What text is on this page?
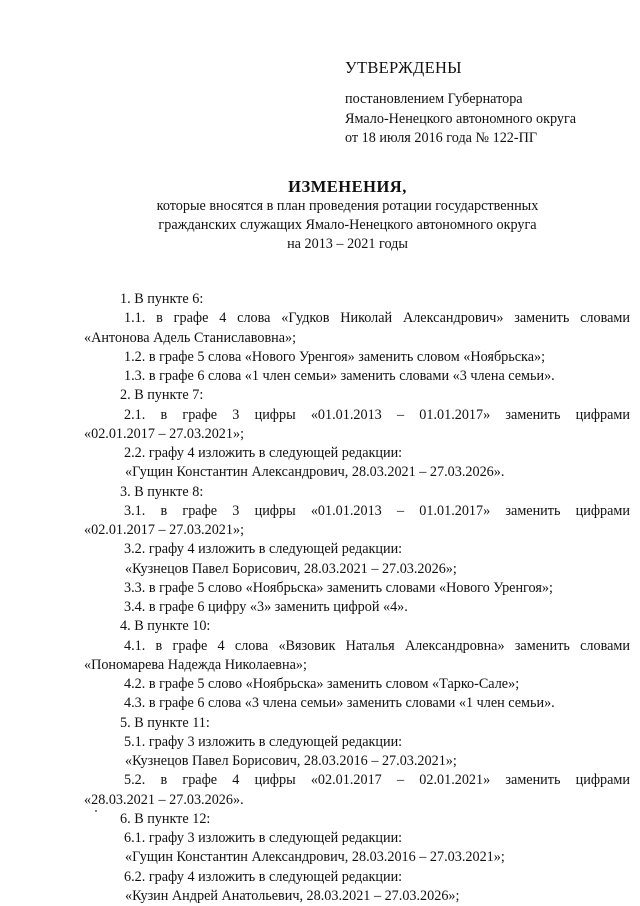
УТВЕРЖДЕНЫ
постановлением Губернатора
Ямало-Ненецкого автономного округа
от 18 июля 2016 года № 122-ПГ
ИЗМЕНЕНИЯ,
которые вносятся в план проведения ротации государственных
гражданских служащих Ямало-Ненецкого автономного округа
на 2013 – 2021 годы
1. В пункте 6:
1.1. в графе 4 слова «Гудков Николай Александрович» заменить словами
«Антонова Адель Станиславовна»;
1.2. в графе 5 слова «Нового Уренгоя» заменить словом «Ноябрьска»;
1.3. в графе 6 слова «1 член семьи» заменить словами «3 члена семьи».
2. В пункте 7:
2.1. в графе 3 цифры «01.01.2013 – 01.01.2017» заменить цифрами
«02.01.2017 – 27.03.2021»;
2.2. графу 4 изложить в следующей редакции:
«Гущин Константин Александрович, 28.03.2021 – 27.03.2026».
3. В пункте 8:
3.1. в графе 3 цифры «01.01.2013 – 01.01.2017» заменить цифрами
«02.01.2017 – 27.03.2021»;
3.2. графу 4 изложить в следующей редакции:
«Кузнецов Павел Борисович, 28.03.2021 – 27.03.2026»;
3.3. в графе 5 слово «Ноябрьска» заменить словами «Нового Уренгоя»;
3.4. в графе 6 цифру «3» заменить цифрой «4».
4. В пункте 10:
4.1. в графе 4 слова «Вязовик Наталья Александровна» заменить словами
«Пономарева Надежда Николаевна»;
4.2. в графе 5 слово «Ноябрьска» заменить словом «Тарко-Сале»;
4.3. в графе 6 слова «3 члена семьи» заменить словами «1 член семьи».
5. В пункте 11:
5.1. графу 3 изложить в следующей редакции:
«Кузнецов Павел Борисович, 28.03.2016 – 27.03.2021»;
5.2. в графе 4 цифры «02.01.2017 – 02.01.2021» заменить цифрами
«28.03.2021 – 27.03.2026».
6. В пункте 12:
6.1. графу 3 изложить в следующей редакции:
«Гущин Константин Александрович, 28.03.2016 – 27.03.2021»;
6.2. графу 4 изложить в следующей редакции:
«Кузин Андрей Анатольевич, 28.03.2021 – 27.03.2026»;
